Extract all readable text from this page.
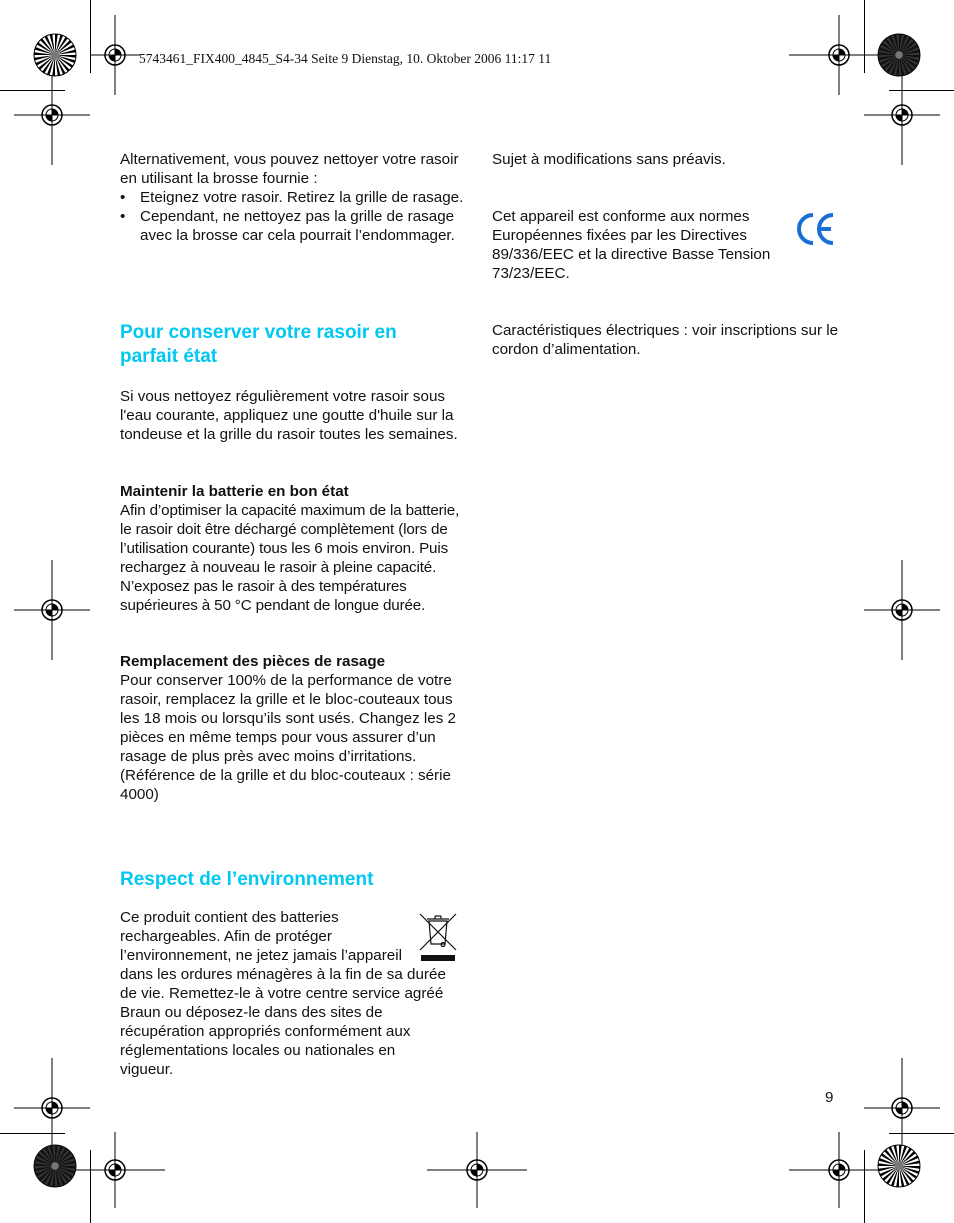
5743461_FIX400_4845_S4-34 Seite 9 Dienstag, 10. Oktober 2006 11:17 11

Alternativement, vous pouvez nettoyer votre rasoir en utilisant la brosse fournie :

• Eteignez votre rasoir. Retirez la grille de rasage.
• Cependant, ne nettoyez pas la grille de rasage avec la brosse car cela pourrait l’endommager.
Pour conserver votre rasoir en parfait état

Si vous nettoyez régulièrement votre rasoir sous l'eau courante, appliquez une goutte d'huile sur la tondeuse et la grille du rasoir toutes les semaines.

Maintenir la batterie en bon état

Afin d’optimiser la capacité maximum de la batterie, le rasoir doit être déchargé complètement (lors de l’utilisation courante) tous les 6 mois environ. Puis rechargez à nouveau le rasoir à pleine capacité. N’exposez pas le rasoir à des températures supérieures à 50 °C pendant de longue durée.

Remplacement des pièces de rasage

Pour conserver 100% de la performance de votre rasoir, remplacez la grille et le bloc-couteaux tous les 18 mois ou lorsqu’ils sont usés. Changez les 2 pièces en même temps pour vous assurer d’un rasage de plus près avec moins d’irritations.

(Référence de la grille et du bloc-couteaux : série 4000)

Respect de l’environnement

Ce produit contient des batteries rechargeables. Afin de protéger l’environnement, ne jetez jamais l’appareil dans les ordures ménagères à la fin de sa durée de vie. Remettez-le à votre centre service agréé Braun ou déposez-le dans des sites de récupération appropriés conformément aux réglementations locales ou nationales en vigueur.

Sujet à modifications sans préavis.

Cet appareil est conforme aux normes Européennes fixées par les Directives 89/336/EEC et la directive Basse Tension 73/23/EEC.

Caractéristiques électriques : voir inscriptions sur le cordon d’alimentation.

9
